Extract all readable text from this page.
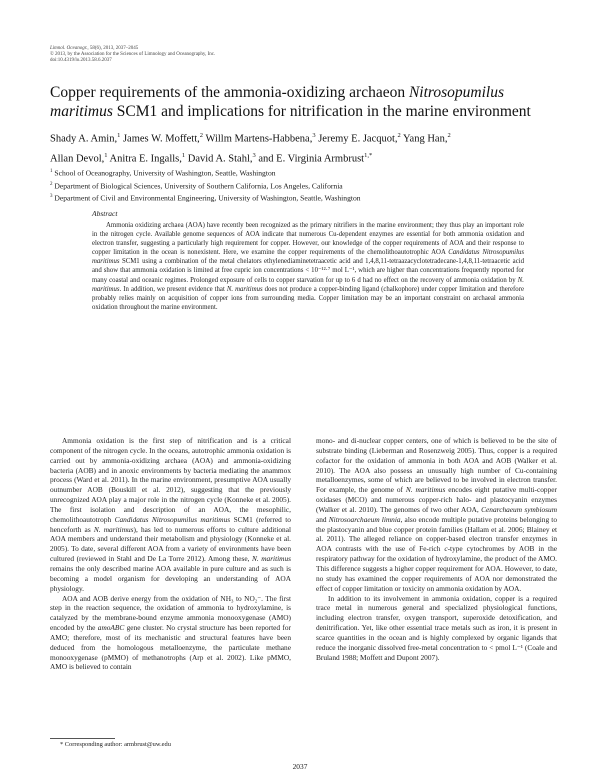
Limnol. Oceanogr., 58(6), 2013, 2037–2045
© 2013, by the Association for the Sciences of Limnology and Oceanography, Inc.
doi:10.4319/lo.2013.58.6.2037
Copper requirements of the ammonia-oxidizing archaeon Nitrosopumilus maritimus SCM1 and implications for nitrification in the marine environment
Shady A. Amin,$^1$ James W. Moffett,$^2$ Willm Martens-Habbena,$^3$ Jeremy E. Jacquot,$^2$ Yang Han,$^2$
Allan Devol,$^1$ Anitra E. Ingalls,$^1$ David A. Stahl,$^3$ and E. Virginia Armbrust$^{1,*}$
$^1$ School of Oceanography, University of Washington, Seattle, Washington
$^2$ Department of Biological Sciences, University of Southern California, Los Angeles, California
$^3$ Department of Civil and Environmental Engineering, University of Washington, Seattle, Washington
Abstract

Ammonia oxidizing archaea (AOA) have recently been recognized as the primary nitrifiers in the marine environment; they thus play an important role in the nitrogen cycle. Available genome sequences of AOA indicate that numerous Cu-dependent enzymes are essential for both ammonia oxidation and electron transfer, suggesting a particularly high requirement for copper. However, our knowledge of the copper requirements of AOA and their response to copper limitation in the ocean is nonexistent. Here, we examine the copper requirements of the chemolithoautotrophic AOA Candidatus Nitrosopumilus maritimus SCM1 using a combination of the metal chelators ethylenediaminetetraacetic acid and 1,4,8,11-tetraazacyclotetradecane-1,4,8,11-tetraacetic acid and show that ammonia oxidation is limited at free cupric ion concentrations < 10⁻¹²·⁷ mol L⁻¹, which are higher than concentrations frequently reported for many coastal and oceanic regimes. Prolonged exposure of cells to copper starvation for up to 6 d had no effect on the recovery of ammonia oxidation by N. maritimus. In addition, we present evidence that N. maritimus does not produce a copper-binding ligand (chalkophore) under copper limitation and therefore probably relies mainly on acquisition of copper ions from surrounding media. Copper limitation may be an important constraint on archaeal ammonia oxidation throughout the marine environment.

Ammonia oxidation is the first step of nitrification and is a critical component of the nitrogen cycle. In the oceans, autotrophic ammonia oxidation is carried out by ammonia-oxidizing archaea (AOA) and ammonia-oxidizing bacteria (AOB) and in anoxic environments by bacteria mediating the anammox process (Ward et al. 2011). In the marine environment, presumptive AOA usually outnumber AOB (Bouskill et al. 2012), suggesting that the previously unrecognized AOA play a major role in the nitrogen cycle (Konneke et al. 2005). The first isolation and description of an AOA, the mesophilic, chemolithoautotroph Candidatus Nitrosopumilus maritimus SCM1 (referred to henceforth as N. maritimus), has led to numerous efforts to culture additional AOA members and understand their metabolism and physiology (Konneke et al. 2005). To date, several different AOA from a variety of environments have been cultured (reviewed in Stahl and De La Torre 2012). Among these, N. maritimus remains the only described marine AOA available in pure culture and as such is becoming a model organism for developing an understanding of AOA physiology.

AOA and AOB derive energy from the oxidation of NH₃ to NO₂⁻. The first step in the reaction sequence, the oxidation of ammonia to hydroxylamine, is catalyzed by the membrane-bound enzyme ammonia monooxygenase (AMO) encoded by the amoABC gene cluster. No crystal structure has been reported for AMO; therefore, most of its mechanistic and structural features have been deduced from the homologous metalloenzyme, the particulate methane monooxygenase (pMMO) of methanotrophs (Arp et al. 2002). Like pMMO, AMO is believed to contain

mono- and di-nuclear copper centers, one of which is believed to be the site of substrate binding (Lieberman and Rosenzweig 2005). Thus, copper is a required cofactor for the oxidation of ammonia in both AOA and AOB (Walker et al. 2010). The AOA also possess an unusually high number of Cu-containing metalloenzymes, some of which are believed to be involved in electron transfer. For example, the genome of N. maritimus encodes eight putative multi-copper oxidases (MCO) and numerous copper-rich halo- and plastocyanin enzymes (Walker et al. 2010). The genomes of two other AOA, Cenarchaeum symbiosum and Nitrosoarchaeum limnia, also encode multiple putative proteins belonging to the plastocyanin and blue copper protein families (Hallam et al. 2006; Blainey et al. 2011). The alleged reliance on copper-based electron transfer enzymes in AOA contrasts with the use of Fe-rich c-type cytochromes by AOB in the respiratory pathway for the oxidation of hydroxylamine, the product of the AMO. This difference suggests a higher copper requirement for AOA. However, to date, no study has examined the copper requirements of AOA nor demonstrated the effect of copper limitation or toxicity on ammonia oxidation by AOA.

In addition to its involvement in ammonia oxidation, copper is a required trace metal in numerous general and specialized physiological functions, including electron transfer, oxygen transport, superoxide detoxification, and denitrification. Yet, like other essential trace metals such as iron, it is present in scarce quantities in the ocean and is highly complexed by organic ligands that reduce the inorganic dissolved free-metal concentration to < pmol L⁻¹ (Coale and Bruland 1988; Moffett and Dupont 2007).

* Corresponding author: armbrust@uw.edu
2037
